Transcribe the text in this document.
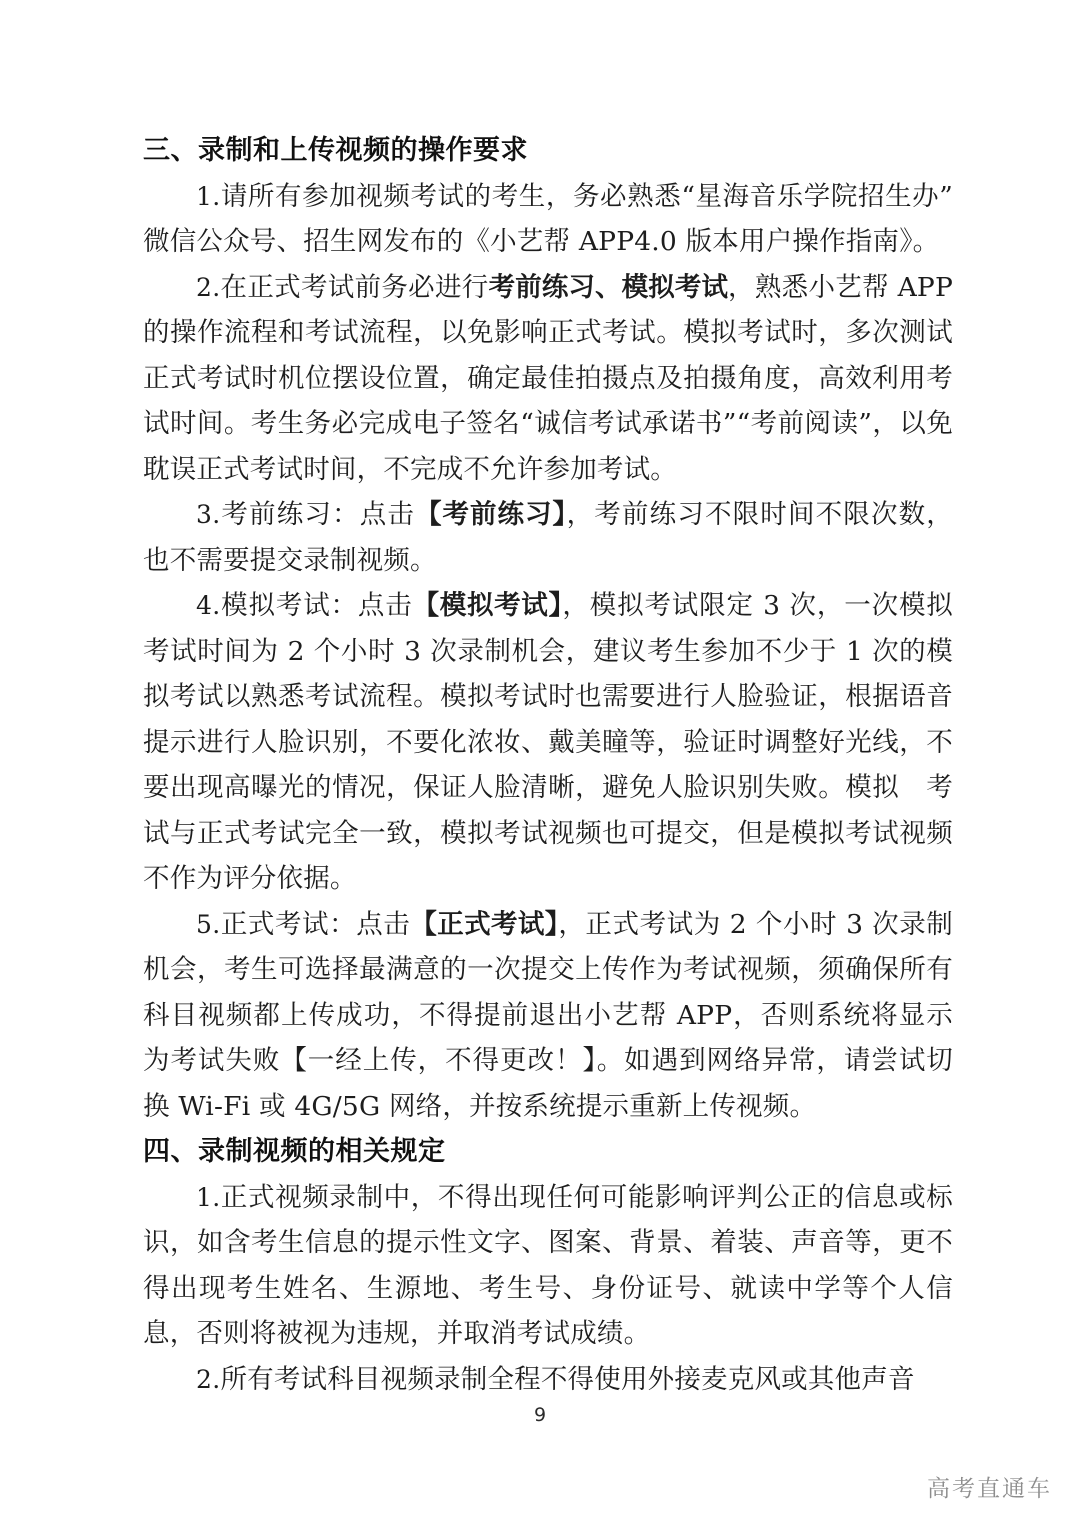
三、录制和上传视频的操作要求

1.请所有参加视频考试的考生，务必熟悉“星海音乐学院招生办”微信公众号、招生网发布的《小艺帮 APP4.0 版本用户操作指南》。

2.在正式考试前务必进行考前练习、模拟考试，熟悉小艺帮 APP 的操作流程和考试流程，以免影响正式考试。模拟考试时，多次测试正式考试时机位摆设位置，确定最佳拍摄点及拍摄角度，高效利用考试时间。考生务必完成电子签名“诚信考试承诺书”“考前阅读”，以免耽误正式考试时间，不完成不允许参加考试。

3.考前练习：点击【考前练习】，考前练习不限时间不限次数，也不需要提交录制视频。

4.模拟考试：点击【模拟考试】，模拟考试限定 3 次，一次模拟考试时间为 2 个小时 3 次录制机会，建议考生参加不少于 1 次的模拟考试以熟悉考试流程。模拟考试时也需要进行人脸验证，根据语音提示进行人脸识别，不要化浓妆、戴美瞳等，验证时调整好光线，不要出现高曝光的情况，保证人脸清晰，避免人脸识别失败。模拟　考试与正式考试完全一致，模拟考试视频也可提交，但是模拟考试视频不作为评分依据。

5.正式考试：点击【正式考试】，正式考试为 2 个小时 3 次录制机会，考生可选择最满意的一次提交上传作为考试视频，须确保所有科目视频都上传成功，不得提前退出小艺帮 APP，否则系统将显示为考试失败【一经上传，不得更改！】。如遇到网络异常，请尝试切换 Wi-Fi 或 4G/5G 网络，并按系统提示重新上传视频。

四、录制视频的相关规定

1.正式视频录制中，不得出现任何可能影响评判公正的信息或标识，如含考生信息的提示性文字、图案、背景、着装、声音等，更不得出现考生姓名、生源地、考生号、身份证号、就读中学等个人信息，否则将被视为违规，并取消考试成绩。

2.所有考试科目视频录制全程不得使用外接麦克风或其他声音

9
高考直通车
